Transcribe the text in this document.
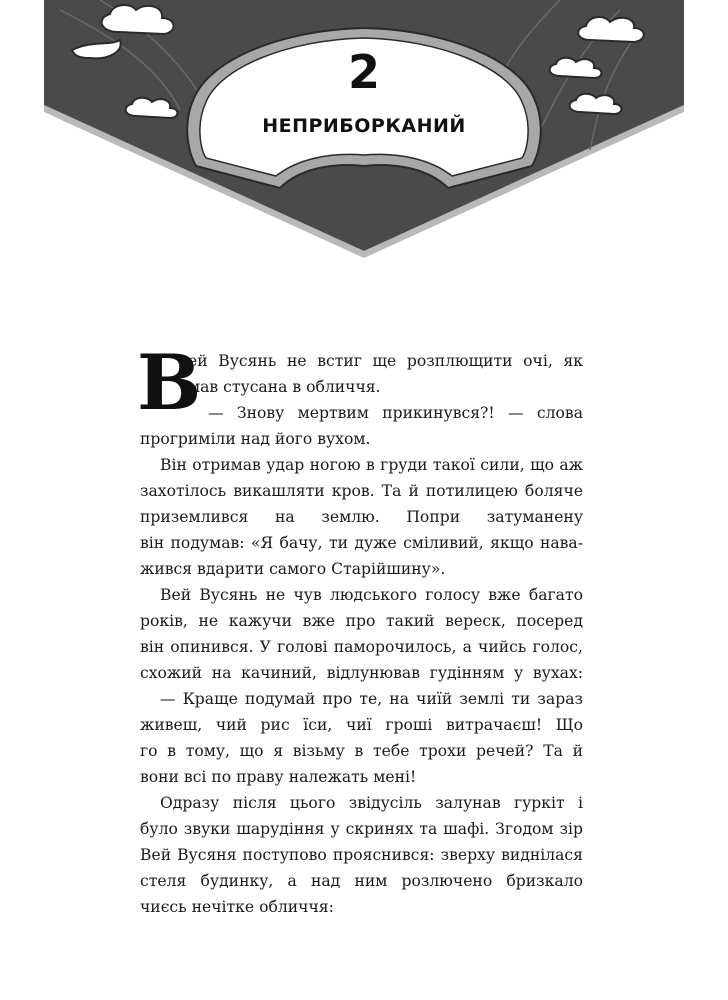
2
НЕПРИБОРКАНИЙ
В
ей Вусянь не встиг ще розплющити очі, як
мав стусана в обличчя.
— Знову мертвим прикинувся?! — слова
прогриміли над його вухом.
Він отримав удар ногою в груди такої сили, що аж
захотілось викашляти кров. Та й потилицею боляче
приземлився на землю. Попри затуманену
він подумав: «Я бачу, ти дуже сміливий, якщо нава-
жився вдарити самого Старійшину».
Вей Вусянь не чув людського голосу вже багато
років, не кажучи вже про такий вереск, посеред
він опинився. У голові паморочилось, а чийсь голос,
схожий на качиний, відлунював гудінням у вухах:
— Краще подумай про те, на чиїй землі ти зараз
живеш, чий рис їси, чиї гроші витрачаєш! Що
го в тому, що я візьму в тебе трохи речей? Та й
вони всі по праву належать мені!
Одразу після цього звідусіль залунав гуркіт і
було звуки шарудіння у скринях та шафі. Згодом зір
Вей Вусяня поступово прояснився: зверху виднілася
стеля будинку, а над ним розлючено бризкало
чиєсь нечітке обличчя:
